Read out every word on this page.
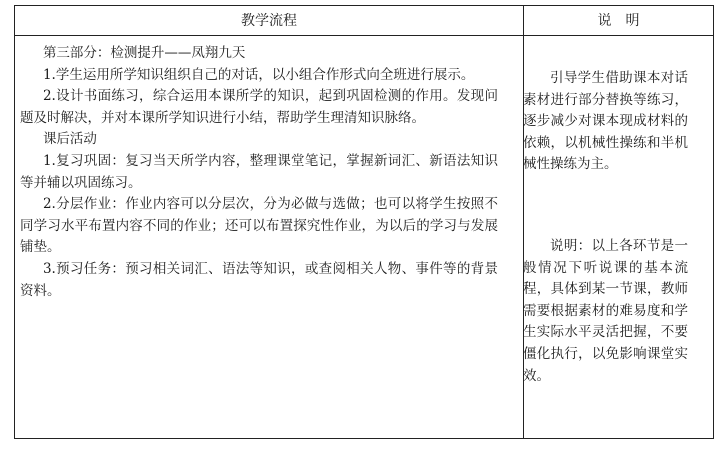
教学流程	说明

第三部分：检测提升——凤翔九天

1.学生运用所学知识组织自己的对话，以小组合作形式向全班进行展示。

2.设计书面练习，综合运用本课所学的知识，起到巩固检测的作用。发现问题及时解决，并对本课所学知识进行小结，帮助学生理清知识脉络。

课后活动

1.复习巩固：复习当天所学内容，整理课堂笔记，掌握新词汇、新语法知识等并辅以巩固练习。

2.分层作业：作业内容可以分层次，分为必做与选做；也可以将学生按照不同学习水平布置内容不同的作业；还可以布置探究性作业，为以后的学习与发展铺垫。

3.预习任务：预习相关词汇、语法等知识，或查阅相关人物、事件等的背景资料。

引导学生借助课本对话素材进行部分替换等练习，逐步减少对课本现成材料的依赖，以机械性操练和半机械性操练为主。

说明：以上各环节是一般情况下听说课的基本流程，具体到某一节课，教师需要根据素材的难易度和学生实际水平灵活把握，不要僵化执行，以免影响课堂实效。
